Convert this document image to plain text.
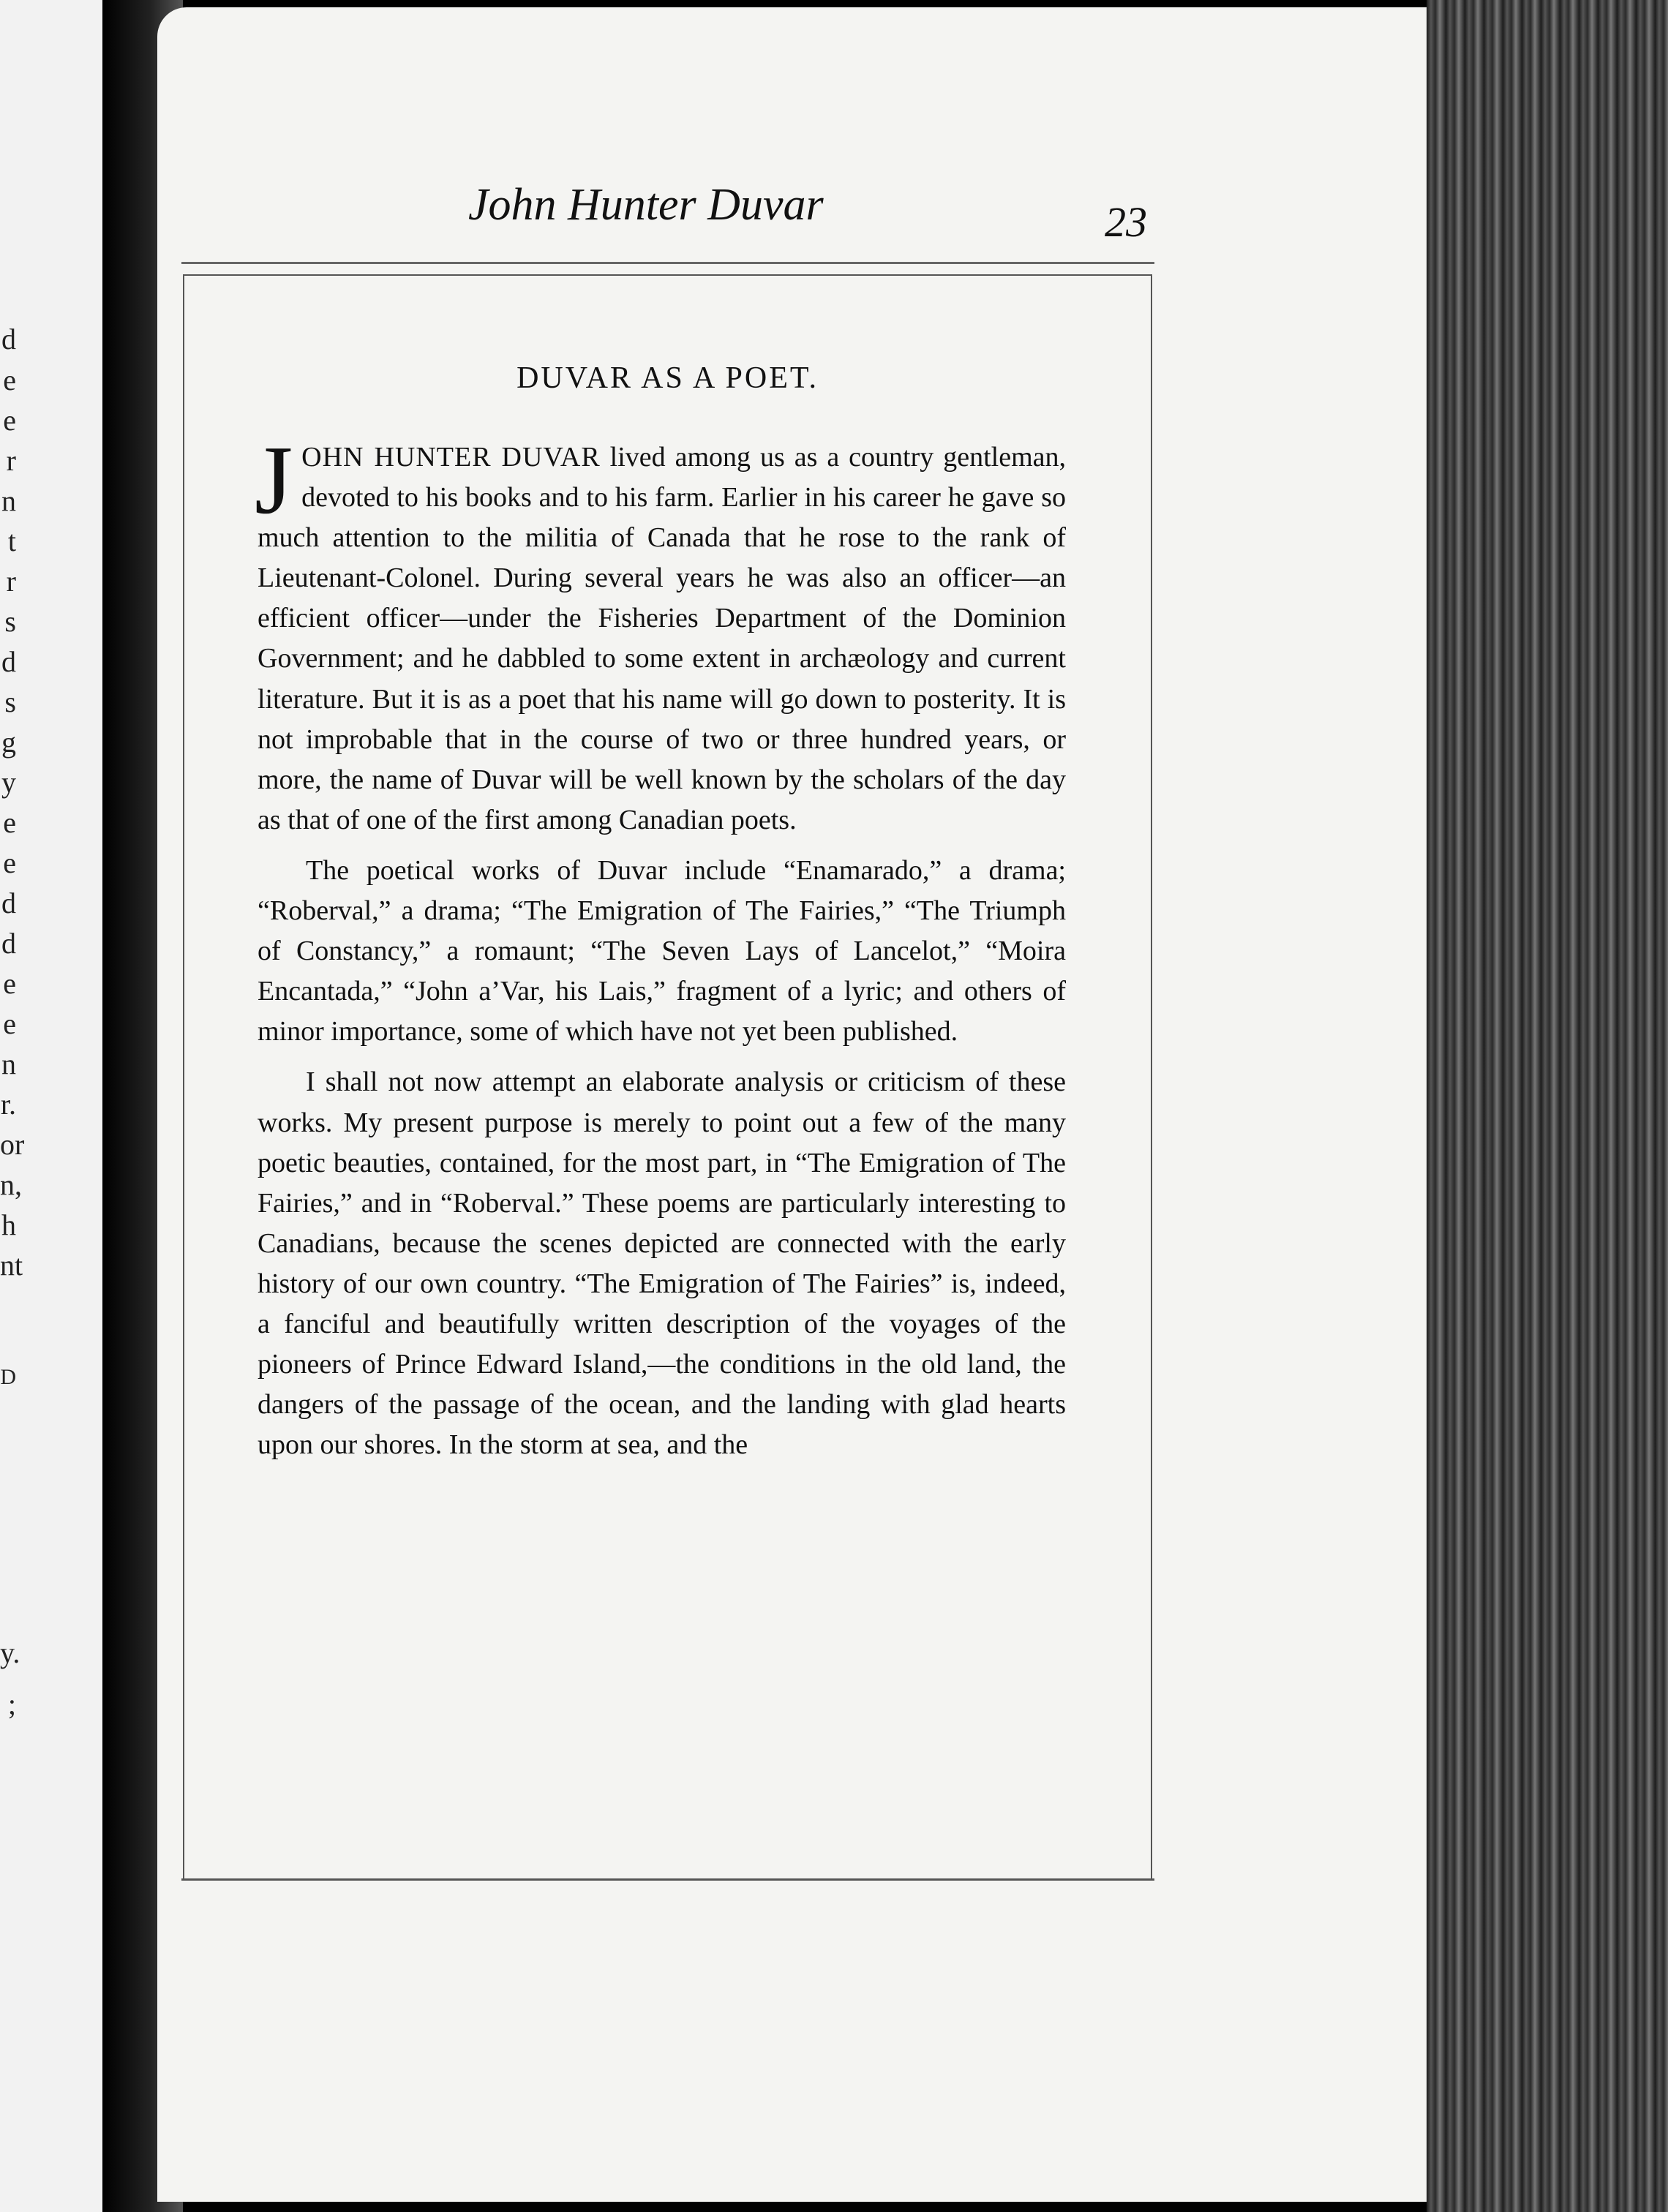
d
e
e
r
n
t
r
s
d
s
g
y
e
e
d
d
e
e
n
r.
or
n,
h
nt
D
y.
;
John Hunter Duvar	23
DUVAR AS A POET.

JOHN HUNTER DUVAR lived among us as a country gentleman, devoted to his books and to his farm. Earlier in his career he gave so much attention to the militia of Canada that he rose to the rank of Lieutenant-Colonel. During several years he was also an officer—an efficient officer—under the Fisheries Department of the Dominion Government; and he dabbled to some extent in archæology and current literature. But it is as a poet that his name will go down to posterity. It is not improbable that in the course of two or three hundred years, or more, the name of Duvar will be well known by the scholars of the day as that of one of the first among Canadian poets.

The poetical works of Duvar include “Enamarado,” a drama; “Roberval,” a drama; “The Emigration of The Fairies,” “The Triumph of Constancy,” a romaunt; “The Seven Lays of Lancelot,” “Moira Encantada,” “John a’Var, his Lais,” fragment of a lyric; and others of minor importance, some of which have not yet been published.

I shall not now attempt an elaborate analysis or criticism of these works. My present purpose is merely to point out a few of the many poetic beauties, contained, for the most part, in “The Emigration of The Fairies,” and in “Roberval.” These poems are particularly interesting to Canadians, because the scenes depicted are connected with the early history of our own country. “The Emigration of The Fairies” is, indeed, a fanciful and beautifully written description of the voyages of the pioneers of Prince Edward Island,—the conditions in the old land, the dangers of the passage of the ocean, and the landing with glad hearts upon our shores. In the storm at sea, and the
